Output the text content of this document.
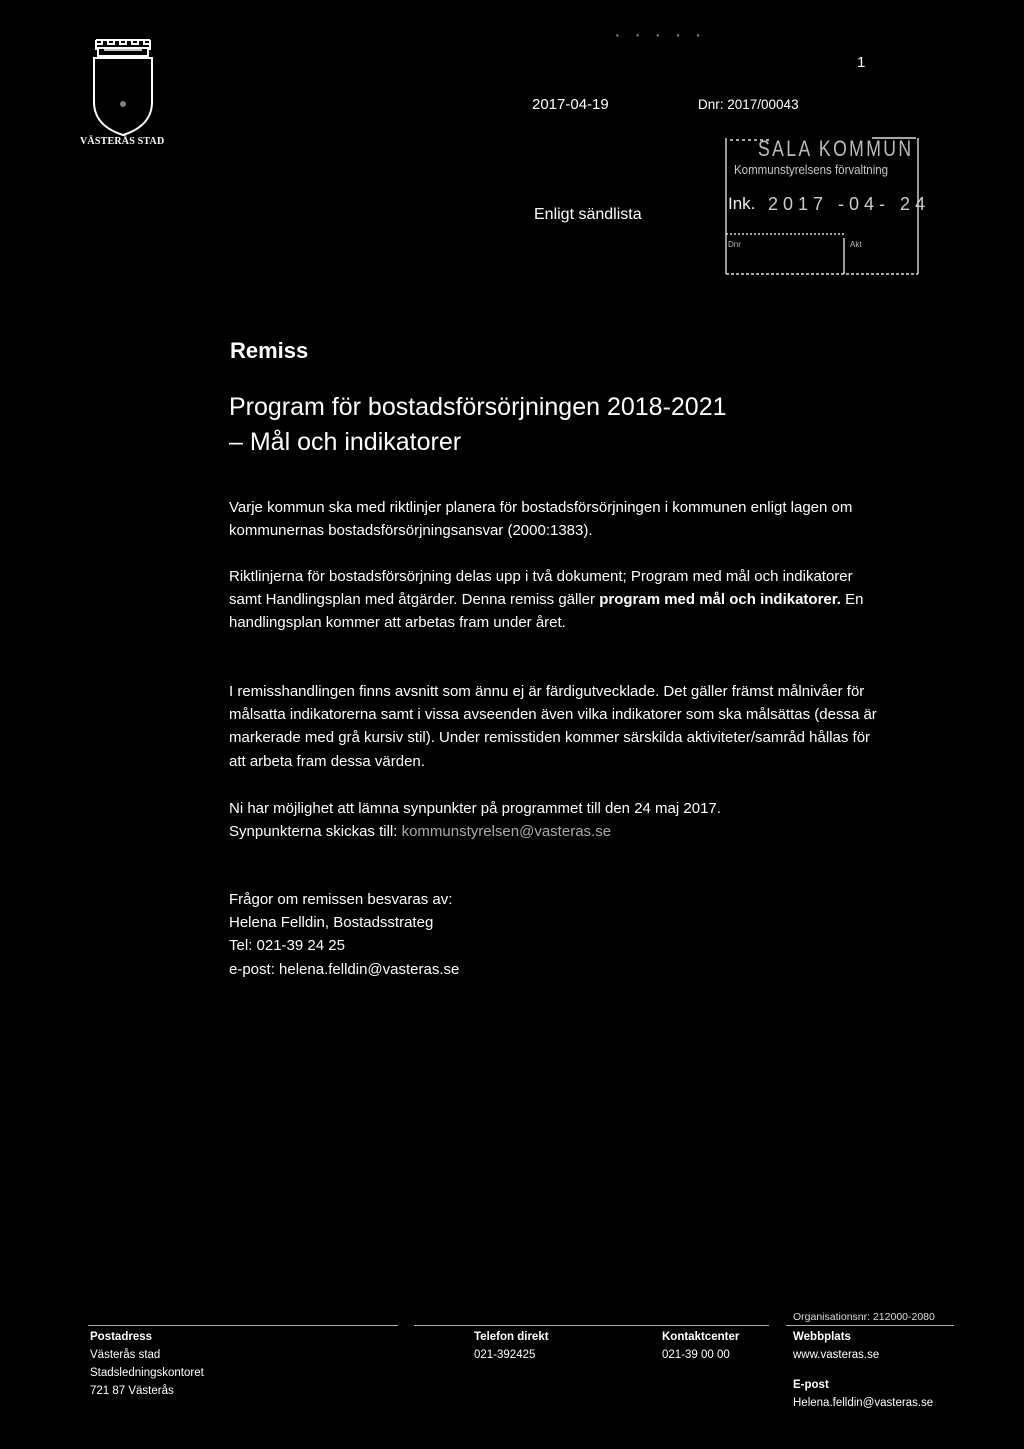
VÄSTERÅS STAD
· · · · ·
1
2017-04-19	Dnr: 2017/00043
Enligt sändlista
SALA KOMMUN
Kommunstyrelsens förvaltning
Ink. 2017 -04- 24
Dnr	Akt
Remiss
Program för bostadsförsörjningen 2018-2021
– Mål och indikatorer

Varje kommun ska med riktlinjer planera för bostadsförsörjningen i kommunen enligt lagen om kommunernas bostadsförsörjningsansvar (2000:1383).

Riktlinjerna för bostadsförsörjning delas upp i två dokument; Program med mål och indikatorer samt Handlingsplan med åtgärder. Denna remiss gäller program med mål och indikatorer. En handlingsplan kommer att arbetas fram under året.

I remisshandlingen finns avsnitt som ännu ej är färdigutvecklade. Det gäller främst målnivåer för målsatta indikatorerna samt i vissa avseenden även vilka indikatorer som ska målsättas (dessa är markerade med grå kursiv stil). Under remisstiden kommer särskilda aktiviteter/samråd hållas för att arbeta fram dessa värden.

Ni har möjlighet att lämna synpunkter på programmet till den 24 maj 2017.
Synpunkterna skickas till: kommunstyrelsen@vasteras.se

Frågor om remissen besvaras av:
Helena Felldin, Bostadsstrateg
Tel: 021-39 24 25
e-post: helena.felldin@vasteras.se

Organisationsnr: 212000-2080
Postadress
Västerås stad
Stadsledningskontoret
721 87 Västerås
Telefon direkt
021-392425
Kontaktcenter
021-39 00 00
Webbplats
www.vasteras.se
E-post
Helena.felldin@vasteras.se
